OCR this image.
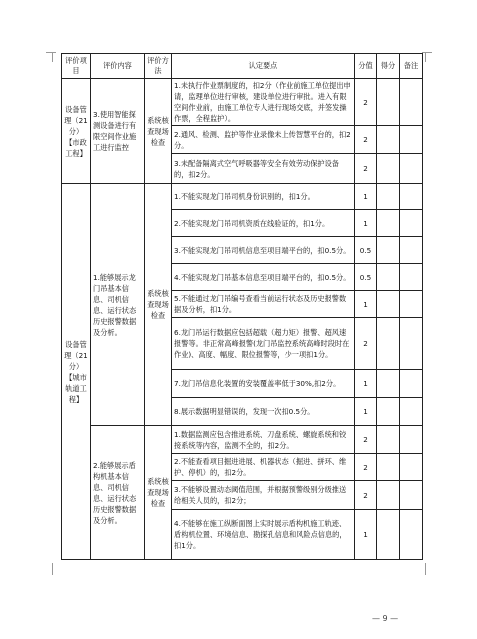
评价项目	评价内容	评价方法	认定要点	分值	得分	备注
设备管理（21分）【市政工程】	3.使用智能探测设备进行有限空间作业施工进行监控	系统核查现场检查	1.未执行作业票制度的，扣2分（作业前施工单位提出申请，监理单位进行审核，建设单位进行审批。进入有限空间作业前，由施工单位专人进行现场交底，并签发操作票，全程监护）。	2		
			2.通风、检测、监护等作业录像未上传智慧平台的，扣2分。	2		
			3.未配备隔离式空气呼吸器等安全有效劳动保护设备的，扣2分。	2		
设备管理（21分）【城市轨道工程】	1.能够展示龙门吊基本信息、司机信息、运行状态历史报警数据及分析。	系统核查现场检查	1.不能实现龙门吊司机身份识别的，扣1分。	1		
			2.不能实现龙门吊司机资质在线验证的，扣1分。	1		
			3.不能实现龙门吊司机信息至项目端平台的，扣0.5分。	0.5		
			4.不能实现龙门吊基本信息至项目端平台的，扣0.5分。	0.5		
			5.不能通过龙门吊编号查看当前运行状态及历史报警数据及分析，扣1分。	1		
			6.龙门吊运行数据应包括超载（超力矩）报警、超风速报警等。非正常高峰报警(龙门吊监控系统高峰时段时在作业)、高度、幅度、限位报警等，少一项扣1分。	2		
			7.龙门吊信息化装置的安装覆盖率低于30%,扣2分。	1		
			8.展示数据明显错误的，发现一次扣0.5分。	1		
	2.能够展示盾构机基本信息、司机信息、运行状态历史报警数据及分析。	系统核查现场检查	1.数据监测应包含推进系统、刀盘系统、螺旋系统和铰接系统等内容，监测不全的，扣2分。	2		
			2.不能查看项目掘进进展、机器状态（掘进、拼环、维护、停机）的，扣2分。	2		
			3.不能够设置动态阈值范围，并根据预警级别分级推送给相关人员的，扣2分；	2		
			4.不能够在施工纵断面图上实时展示盾构机施工轨迹、盾构机位置、环境信息、勘探孔信息和风险点信息的，扣1分。	1		
— 9 —
